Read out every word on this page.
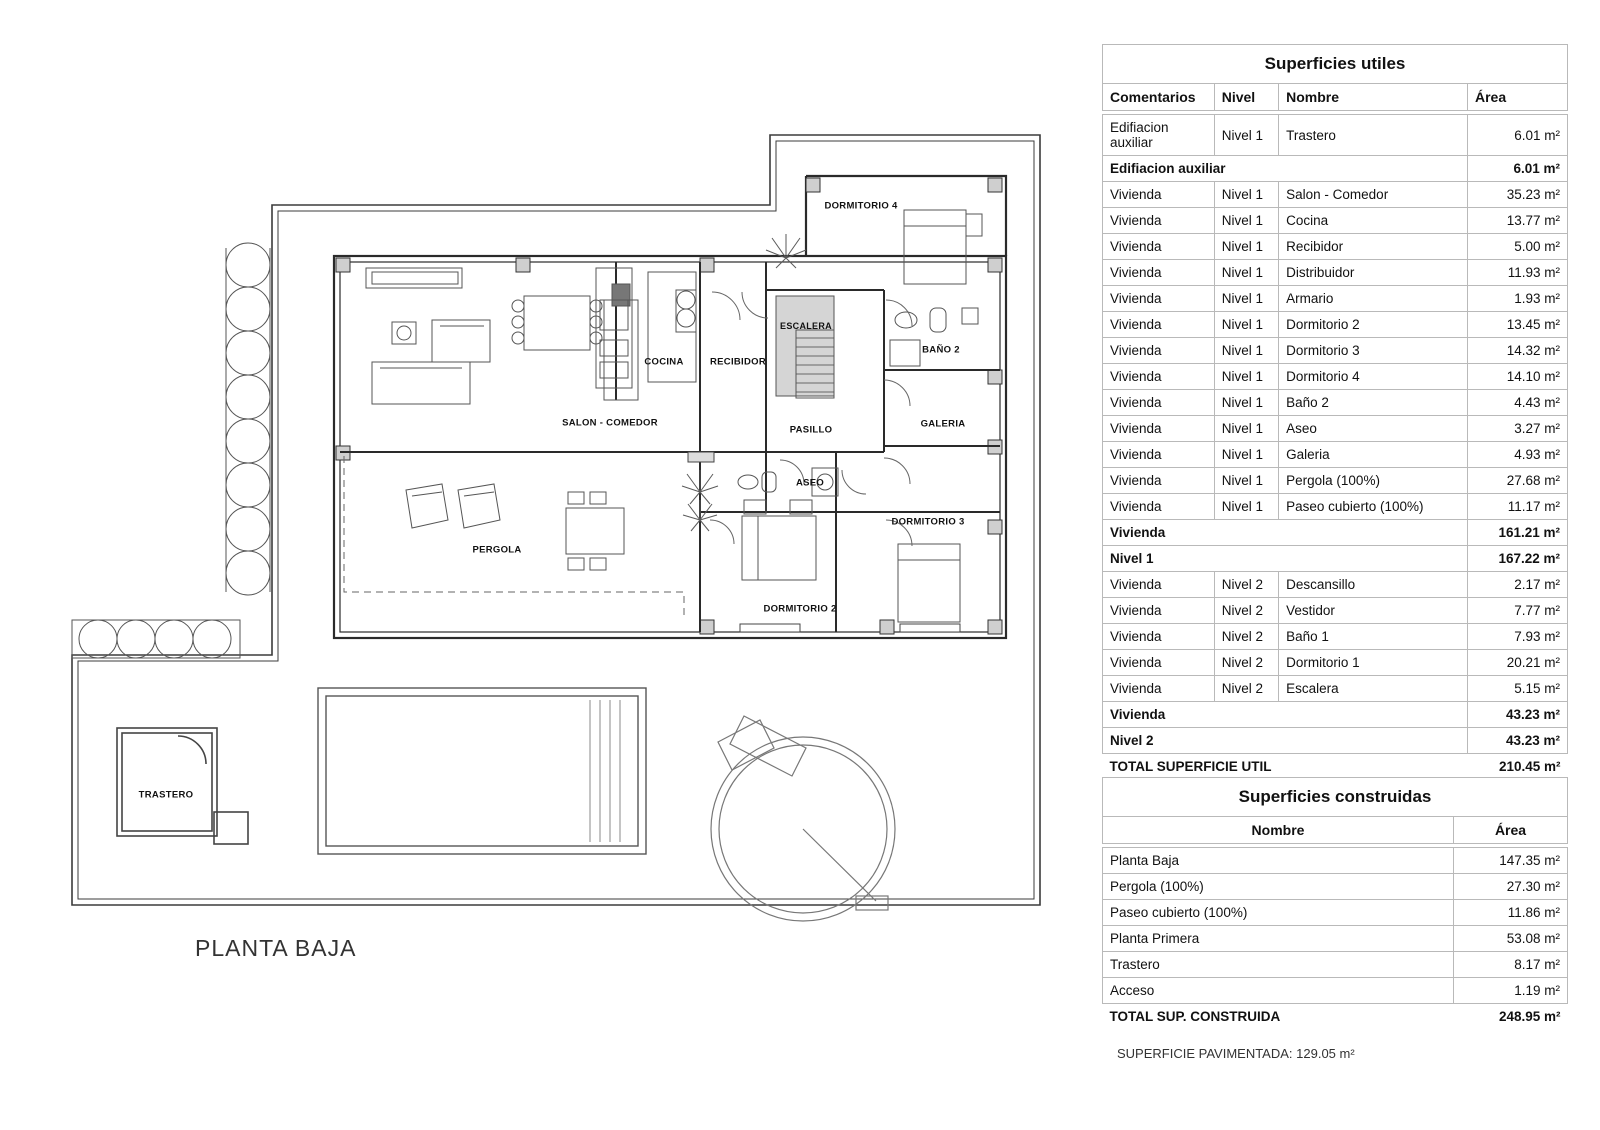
DORMITORIO 4
ESCALERA
COCINA	RECIBIDOR
BAÑO 2
GALERIA
SALON - COMEDOR
PASILLO
ASEO
DORMITORIO 3
PERGOLA
DORMITORIO 2
TRASTERO
PLANTA BAJA
Superficies utiles			
Comentarios	Nivel	Nombre	Área

Edifiacion auxiliar	Nivel 1	Trastero	6.01 m²
Edifiacion auxiliar			6.01 m²
Vivienda	Nivel 1	Salon - Comedor	35.23 m²
Vivienda	Nivel 1	Cocina	13.77 m²
Vivienda	Nivel 1	Recibidor	5.00 m²
Vivienda	Nivel 1	Distribuidor	11.93 m²
Vivienda	Nivel 1	Armario	1.93 m²
Vivienda	Nivel 1	Dormitorio 2	13.45 m²
Vivienda	Nivel 1	Dormitorio 3	14.32 m²
Vivienda	Nivel 1	Dormitorio 4	14.10 m²
Vivienda	Nivel 1	Baño 2	4.43 m²
Vivienda	Nivel 1	Aseo	3.27 m²
Vivienda	Nivel 1	Galeria	4.93 m²
Vivienda	Nivel 1	Pergola (100%)	27.68 m²
Vivienda	Nivel 1	Paseo cubierto (100%)	11.17 m²
Vivienda			161.21 m²
Nivel 1			167.22 m²
Vivienda	Nivel 2	Descansillo	2.17 m²
Vivienda	Nivel 2	Vestidor	7.77 m²
Vivienda	Nivel 2	Baño 1	7.93 m²
Vivienda	Nivel 2	Dormitorio 1	20.21 m²
Vivienda	Nivel 2	Escalera	5.15 m²
Vivienda			43.23 m²
Nivel 2			43.23 m²
TOTAL SUPERFICIE UTIL			210.45 m²
Superficies construidas	
Nombre	Área

Planta Baja	147.35 m²
Pergola (100%)	27.30 m²
Paseo cubierto (100%)	11.86 m²
Planta Primera	53.08 m²
Trastero	8.17 m²
Acceso	1.19 m²
TOTAL SUP. CONSTRUIDA	248.95 m²
SUPERFICIE PAVIMENTADA: 129.05 m²
